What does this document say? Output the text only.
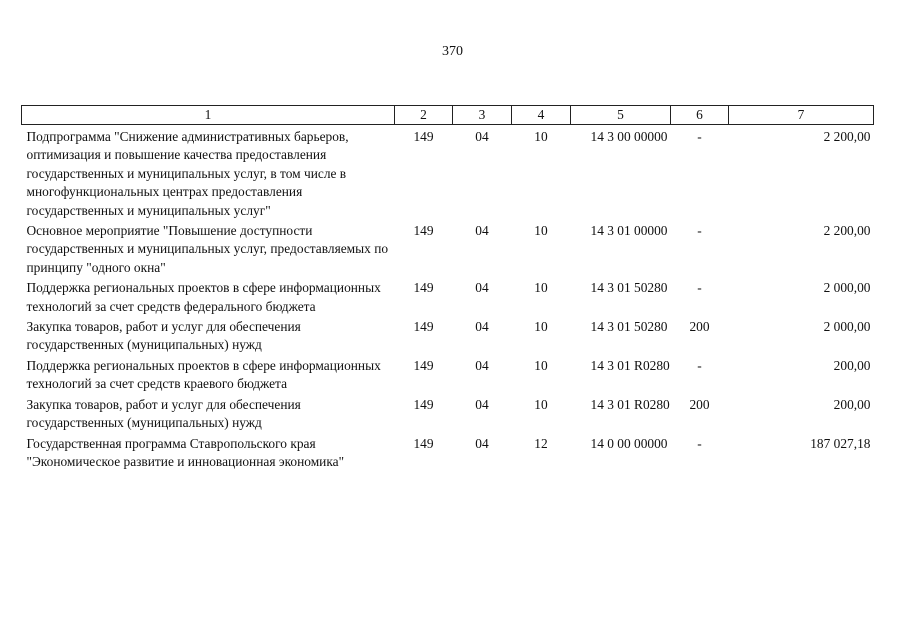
370
1	2	3	4	5	6	7
Подпрограмма "Снижение административных барьеров, оптимизация и повышение качества предоставления государственных и муниципальных услуг, в том числе в многофункциональных центрах предоставления государственных и муниципальных услуг"	149	04	10	14 3 00 00000	-	2 200,00
Основное мероприятие "Повышение доступности государственных и муниципальных услуг, предоставляемых по принципу "одного окна"	149	04	10	14 3 01 00000	-	2 200,00
Поддержка региональных проектов в сфере информационных технологий за счет средств федерального бюджета	149	04	10	14 3 01 50280	-	2 000,00
Закупка товаров, работ и услуг для обеспечения государственных (муниципальных) нужд	149	04	10	14 3 01 50280	200	2 000,00
Поддержка региональных проектов в сфере информационных технологий за счет средств краевого бюджета	149	04	10	14 3 01 R0280	-	200,00
Закупка товаров, работ и услуг для обеспечения государственных (муниципальных) нужд	149	04	10	14 3 01 R0280	200	200,00
Государственная программа Ставропольского края "Экономическое развитие и инновационная экономика"	149	04	12	14 0 00 00000	-	187 027,18
